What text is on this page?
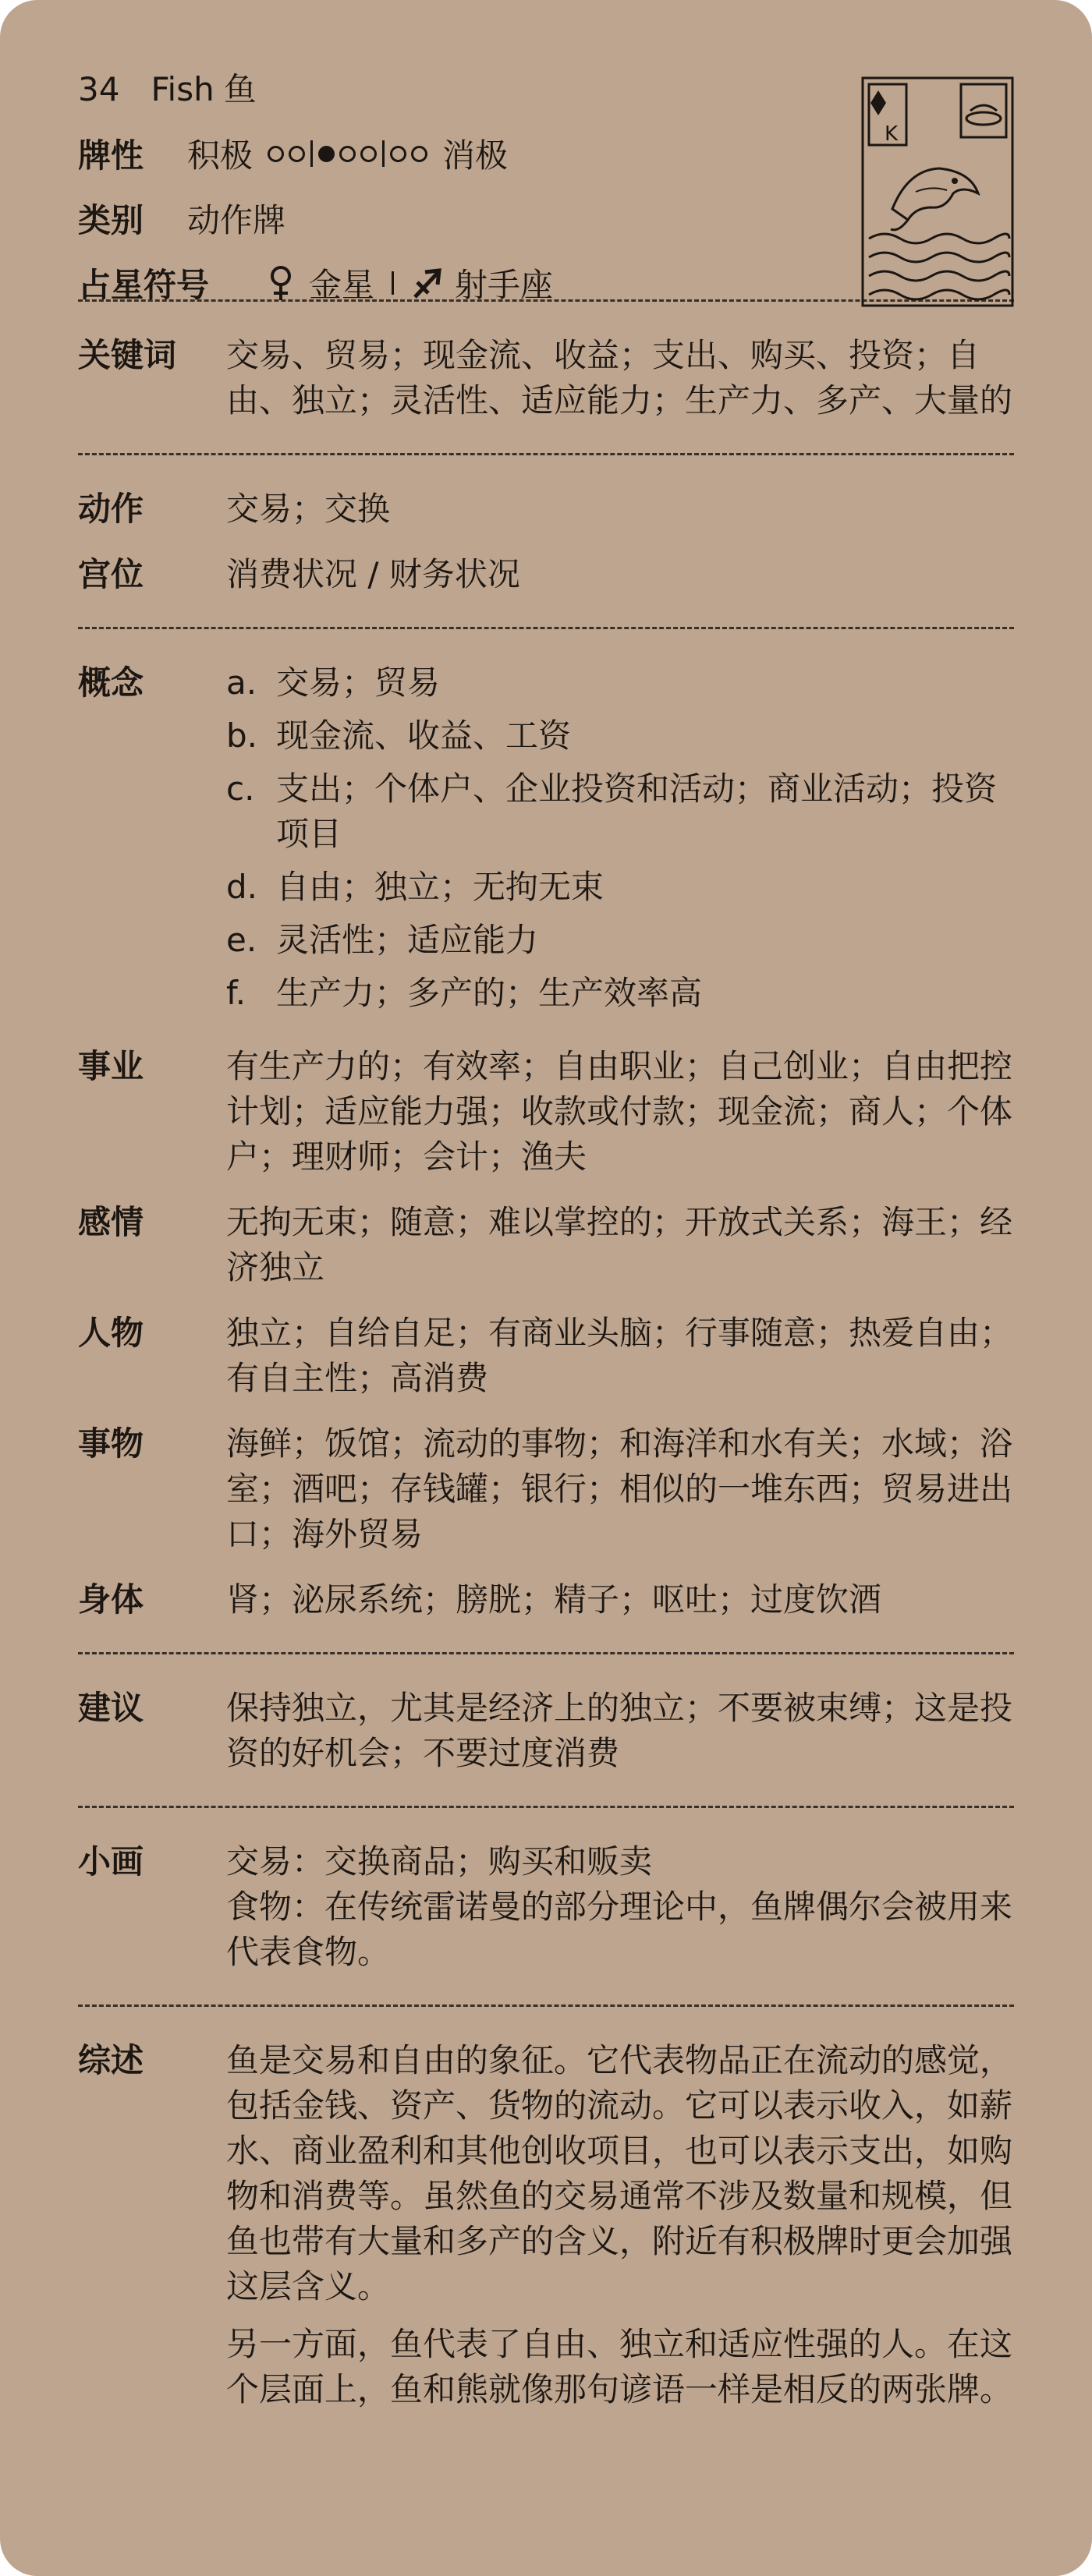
34 Fish 鱼
牌性	积极	消极
类别	动作牌
占星符号	金星 射手座
K
关键词	交易、贸易；现金流、收益；支出、购买、投资；自由、独立；灵活性、适应能力；生产力、多产、大量的
动作	交易；交换
宫位	消费状况 / 财务状况
概念	a. 交易；贸易
b. 现金流、收益、工资
c. 支出；个体户、企业投资和活动；商业活动；投资项目
d. 自由；独立；无拘无束
e. 灵活性；适应能力
f. 生产力；多产的；生产效率高
事业	有生产力的；有效率；自由职业；自己创业；自由把控计划；适应能力强；收款或付款；现金流；商人；个体户；理财师；会计；渔夫
感情	无拘无束；随意；难以掌控的；开放式关系；海王；经济独立
人物	独立；自给自足；有商业头脑；行事随意；热爱自由；有自主性；高消费
事物	海鲜；饭馆；流动的事物；和海洋和水有关；水域；浴室；酒吧；存钱罐；银行；相似的一堆东西；贸易进出口；海外贸易
身体	肾；泌尿系统；膀胱；精子；呕吐；过度饮酒
建议	保持独立，尤其是经济上的独立；不要被束缚；这是投资的好机会；不要过度消费
小画	交易：交换商品；购买和贩卖
食物：在传统雷诺曼的部分理论中，鱼牌偶尔会被用来代表食物。
综述	鱼是交易和自由的象征。它代表物品正在流动的感觉，包括金钱、资产、货物的流动。它可以表示收入，如薪水、商业盈利和其他创收项目，也可以表示支出，如购物和消费等。虽然鱼的交易通常不涉及数量和规模，但鱼也带有大量和多产的含义，附近有积极牌时更会加强这层含义。

另一方面，鱼代表了自由、独立和适应性强的人。在这个层面上，鱼和熊就像那句谚语一样是相反的两张牌。
